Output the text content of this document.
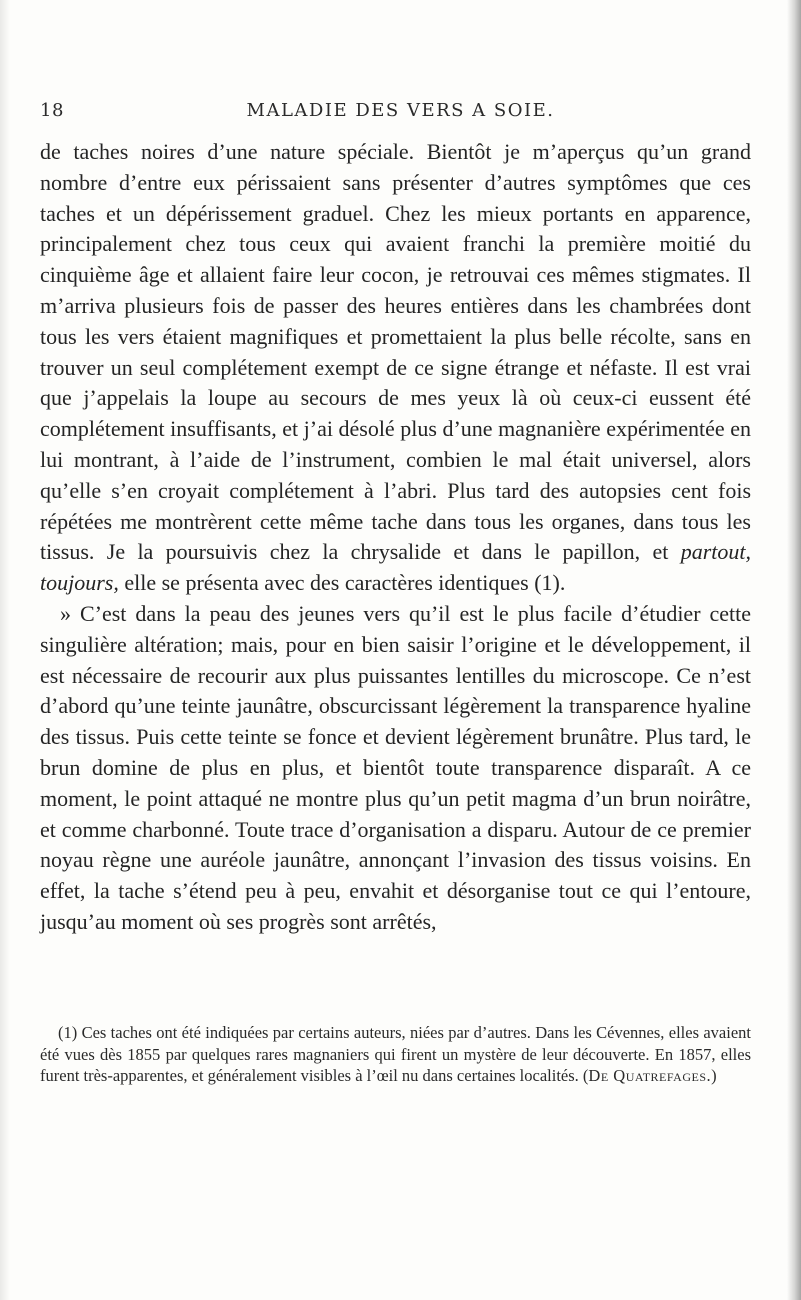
18	MALADIE DES VERS A SOIE.

de taches noires d’une nature spéciale. Bientôt je m’aperçus qu’un grand nombre d’entre eux périssaient sans présenter d’autres symptômes que ces taches et un dépérissement graduel. Chez les mieux portants en apparence, principalement chez tous ceux qui avaient franchi la première moitié du cinquième âge et allaient faire leur cocon, je retrouvai ces mêmes stigmates. Il m’arriva plusieurs fois de passer des heures entières dans les chambrées dont tous les vers étaient magnifiques et promettaient la plus belle récolte, sans en trouver un seul complétement exempt de ce signe étrange et néfaste. Il est vrai que j’appelais la loupe au secours de mes yeux là où ceux-ci eussent été complétement insuffisants, et j’ai désolé plus d’une magnanière expérimentée en lui montrant, à l’aide de l’instrument, combien le mal était universel, alors qu’elle s’en croyait complétement à l’abri. Plus tard des autopsies cent fois répétées me montrèrent cette même tache dans tous les organes, dans tous les tissus. Je la poursuivis chez la chrysalide et dans le papillon, et partout, toujours, elle se présenta avec des caractères identiques (1).

» C’est dans la peau des jeunes vers qu’il est le plus facile d’étudier cette singulière altération; mais, pour en bien saisir l’origine et le développement, il est nécessaire de recourir aux plus puissantes lentilles du microscope. Ce n’est d’abord qu’une teinte jaunâtre, obscurcissant légèrement la transparence hyaline des tissus. Puis cette teinte se fonce et devient légèrement brunâtre. Plus tard, le brun domine de plus en plus, et bientôt toute transparence disparaît. A ce moment, le point attaqué ne montre plus qu’un petit magma d’un brun noirâtre, et comme charbonné. Toute trace d’organisation a disparu. Autour de ce premier noyau règne une auréole jaunâtre, annonçant l’invasion des tissus voisins. En effet, la tache s’étend peu à peu, envahit et désorganise tout ce qui l’entoure, jusqu’au moment où ses progrès sont arrêtés,

(1) Ces taches ont été indiquées par certains auteurs, niées par d’autres. Dans les Cévennes, elles avaient été vues dès 1855 par quelques rares magnaniers qui firent un mystère de leur découverte. En 1857, elles furent très-apparentes, et généralement visibles à l’œil nu dans certaines localités. (De Quatrefages.)
